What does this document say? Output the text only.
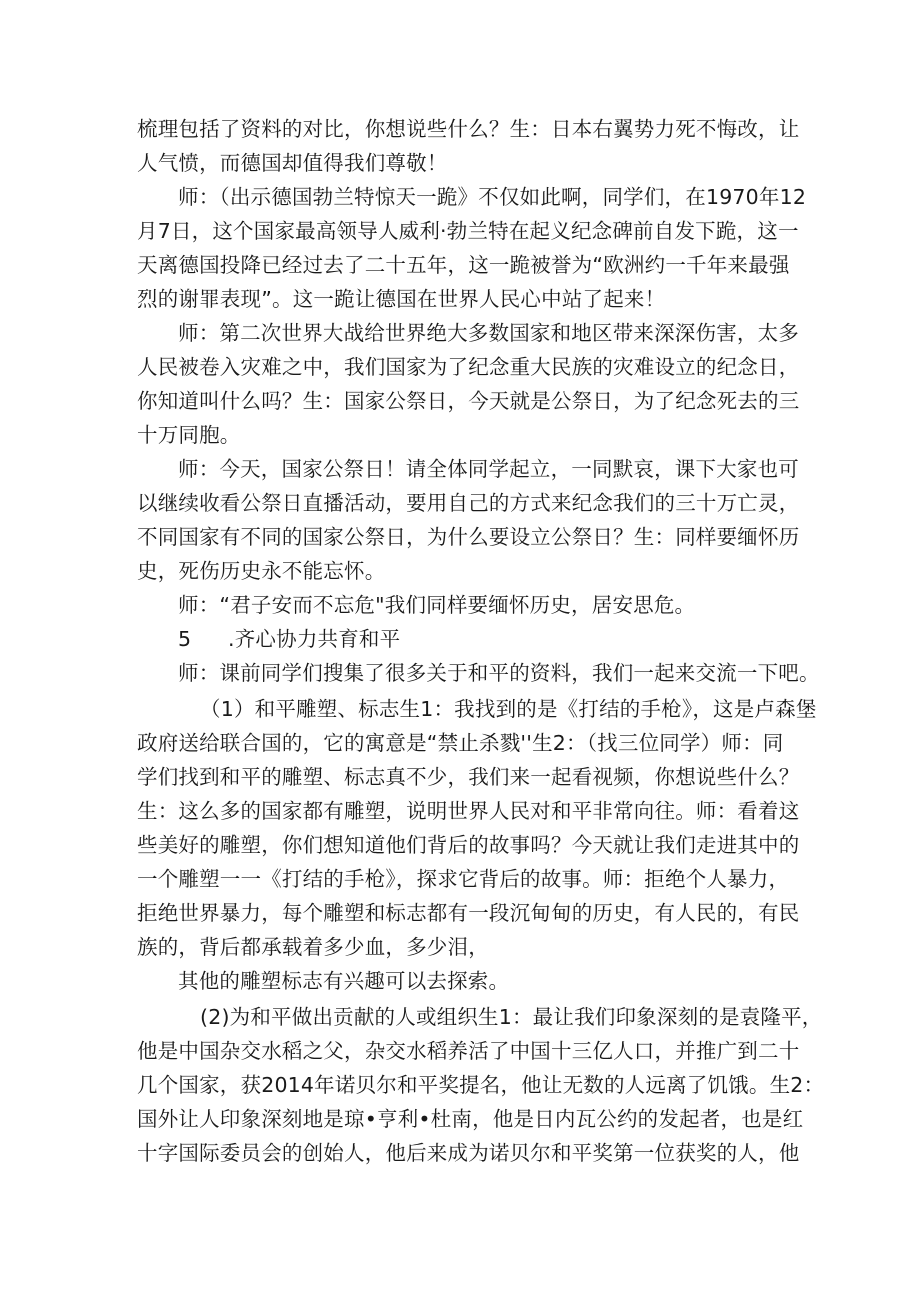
梳理包括了资料的对比，你想说些什么？生：日本右翼势力死不悔改，让
人气愤，而德国却值得我们尊敬！
师：（出示德国勃兰特惊天一跪》不仅如此啊，同学们，在1970年12
月7日，这个国家最高领导人威利·勃兰特在起义纪念碑前自发下跪，这一
天离德国投降已经过去了二十五年，这一跪被誉为“欧洲约一千年来最强
烈的谢罪表现”。这一跪让德国在世界人民心中站了起来！
师：第二次世界大战给世界绝大多数国家和地区带来深深伤害，太多
人民被卷入灾难之中，我们国家为了纪念重大民族的灾难设立的纪念日，
你知道叫什么吗？生：国家公祭日，今天就是公祭日，为了纪念死去的三
十万同胞。
师：今天，国家公祭日！请全体同学起立，一同默哀，课下大家也可
以继续收看公祭日直播活动，要用自己的方式来纪念我们的三十万亡灵，
不同国家有不同的国家公祭日，为什么要设立公祭日？生：同样要缅怀历
史，死伤历史永不能忘怀。
师：“君子安而不忘危"我们同样要缅怀历史，居安思危。
5 .齐心协力共育和平
师：课前同学们搜集了很多关于和平的资料，我们一起来交流一下吧。
（1）和平雕塑、标志生1：我找到的是《打结的手枪》，这是卢森堡
政府送给联合国的，它的寓意是“禁止杀戮''生2：（找三位同学）师：同
学们找到和平的雕塑、标志真不少，我们来一起看视频，你想说些什么？
生：这么多的国家都有雕塑，说明世界人民对和平非常向往。师：看着这
些美好的雕塑，你们想知道他们背后的故事吗？今天就让我们走进其中的
一个雕塑一一《打结的手枪》，探求它背后的故事。师：拒绝个人暴力，
拒绝世界暴力，每个雕塑和标志都有一段沉甸甸的历史，有人民的，有民
族的，背后都承载着多少血，多少泪，
其他的雕塑标志有兴趣可以去探索。
(2)为和平做出贡献的人或组织生1：最让我们印象深刻的是袁隆平，
他是中国杂交水稻之父，杂交水稻养活了中国十三亿人口，并推广到二十
几个国家，获2014年诺贝尔和平奖提名，他让无数的人远离了饥饿。生2：
国外让人印象深刻地是琼•亨利•杜南，他是日内瓦公约的发起者，也是红
十字国际委员会的创始人，他后来成为诺贝尔和平奖第一位获奖的人，他
